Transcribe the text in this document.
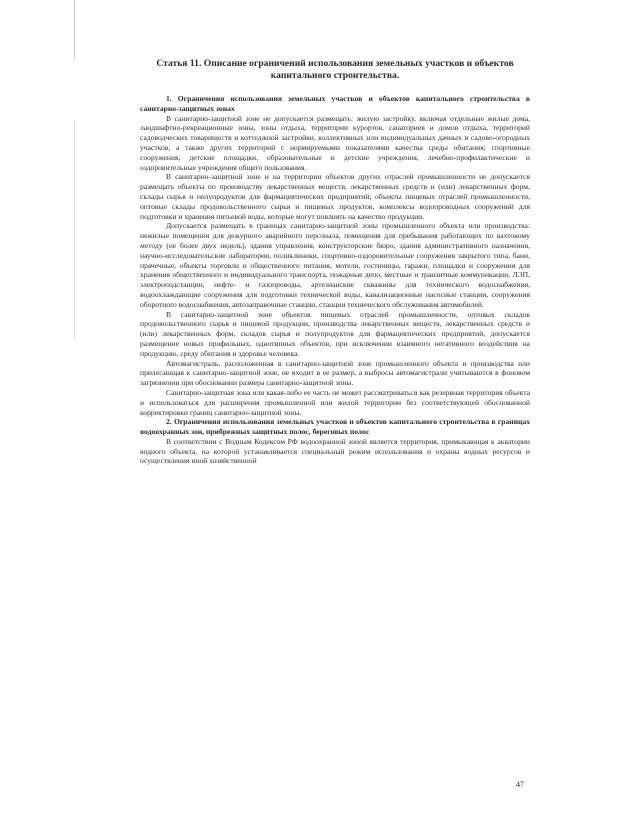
Статья 11. Описание ограничений использования земельных участков и объектов капитального строительства.

1. Ограничения использования земельных участков и объектов капитального строительства в санитарно-защитных зонах

В санитарно-защитной зоне не допускается размещать: жилую застройку, включая отдельные жилые дома, ландшафтно-рекреационные зоны, зоны отдыха, территории курортов, санаториев и домов отдыха, территорий садоводческих товариществ и коттеджной застройки, коллективных или индивидуальных дачных и садово-огородных участков, а также других территорий с нормируемыми показателями качества среды обитания; спортивные сооружения, детские площадки, образовательные и детские учреждения, лечебно-профилактические и оздоровительные учреждения общего пользования.

В санитарно-защитной зоне и на территории объектов других отраслей промышленности не допускается размещать объекты по производству лекарственных веществ, лекарственных средств и (или) лекарственных форм, склады сырья и полупродуктов для фармацевтических предприятий; объекты пищевых отраслей промышленности, оптовые склады продовольственного сырья и пищевых продуктов, комплексы водопроводных сооружений для подготовки и хранения питьевой воды, которые могут повлиять на качество продукции.

Допускается размещать в границах санитарно-защитной зоны промышленного объекта или производства: нежилые помещения для дежурного аварийного персонала, помещения для пребывания работающих по вахтовому методу (не более двух недель), здания управления, конструкторские бюро, здания административного назначения, научно-исследовательские лаборатории, поликлиники, спортивно-оздоровительные сооружения закрытого типа, бани, прачечные, объекты торговли и общественного питания, мотели, гостиницы, гаражи, площадки и сооружения для хранения общественного и индивидуального транспорта, пожарные депо, местные и транзитные коммуникации, ЛЭП, электроподстанции, нефте- и газопроводы, артезианские скважины для технического водоснабжения, водоохлаждающие сооружения для подготовки технической воды, канализационные насосные станции, сооружения оборотного водоснабжения, автозаправочные станции, станции технического обслуживания автомобилей.

В санитарно-защитной зоне объектов пищевых отраслей промышленности, оптовых складов продовольственного сырья и пищевой продукции, производства лекарственных веществ, лекарственных средств и (или) лекарственных форм, складов сырья и полупродуктов для фармацевтических предприятий, допускается размещение новых профильных, однотипных объектов, при исключении взаимного негативного воздействия на продукцию, среду обитания и здоровье человека.

Автомагистраль, расположенная в санитарно-защитной зоне промышленного объекта и производства или прилегающая к санитарно-защитной зоне, не входит в ее размер, а выбросы автомагистрали учитываются в фоновом загрязнении при обосновании размера санитарно-защитной зоны.

Санитарно-защитная зона или какая-либо ее часть не может рассматриваться как резервная территория объекта и использоваться для расширения промышленной или жилой территории без соответствующей обоснованной корректировки границ санитарно-защитной зоны.

2. Ограничения использования земельных участков и объектов капитального строительства в границах водоохранных зон, прибрежных защитных полос, береговых полос

В соответствии с Водным Кодексом РФ водоохранной зоной является территория, примыкающая к акватории водного объекта, на которой устанавливается специальный режим использования и охраны водных ресурсов и осуществления иной хозяйственной

47
